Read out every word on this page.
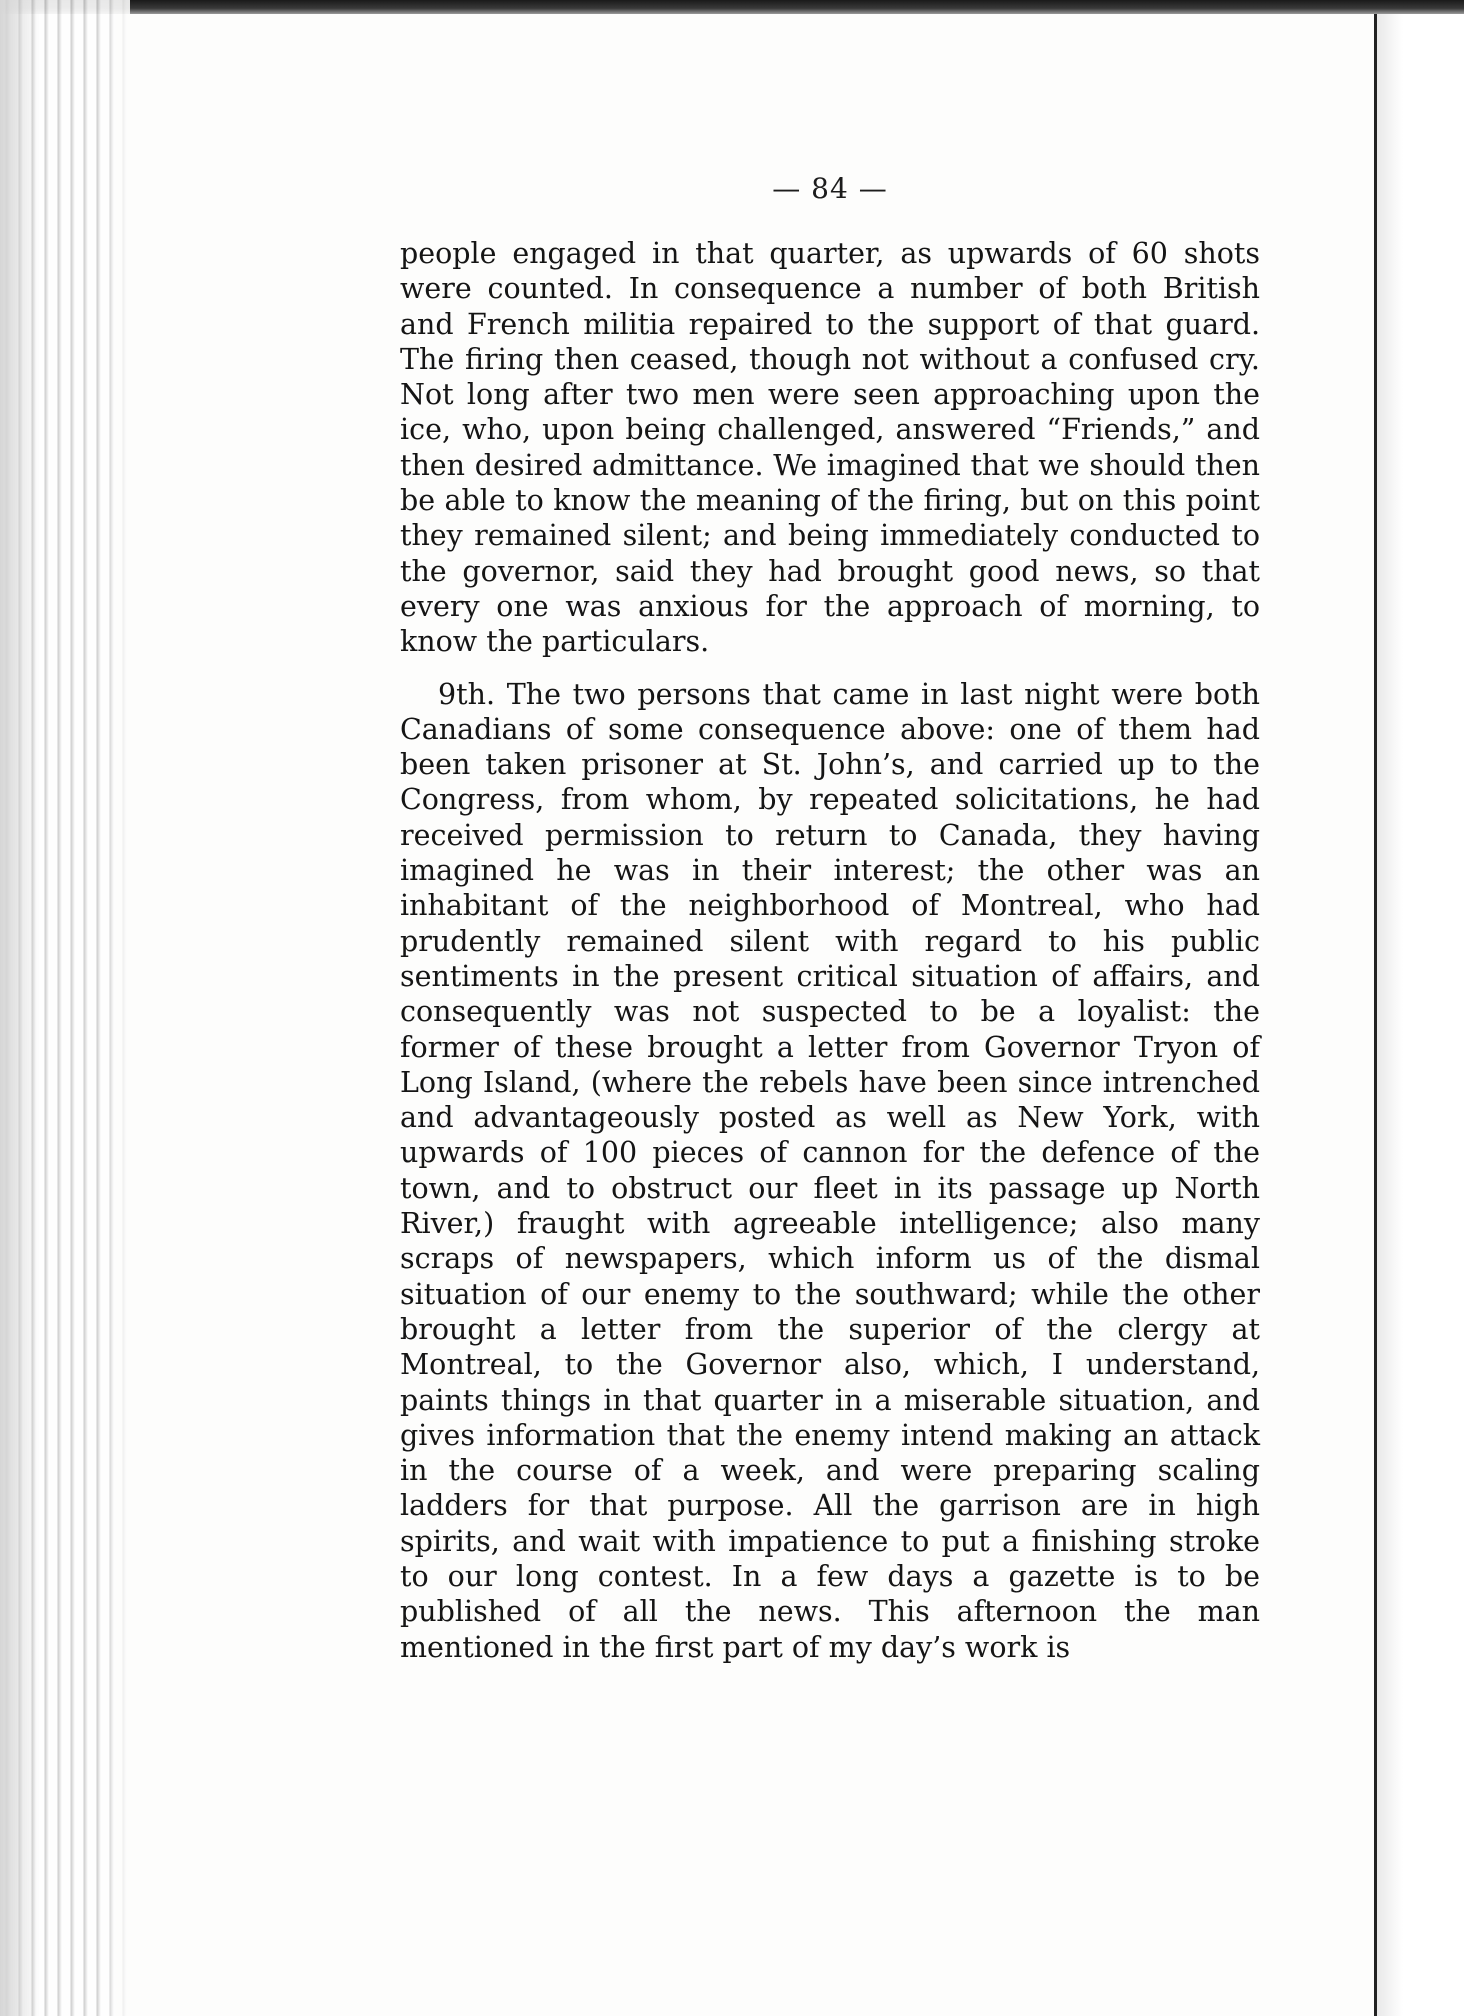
— 84 —

people engaged in that quarter, as upwards of 60 shots were counted. In consequence a number of both British and French militia repaired to the support of that guard. The firing then ceased, though not without a confused cry. Not long after two men were seen approaching upon the ice, who, upon being challenged, answered “Friends,” and then desired admittance. We imagined that we should then be able to know the meaning of the firing, but on this point they remained silent; and being immediately conducted to the governor, said they had brought good news, so that every one was anxious for the approach of morning, to know the particulars.

9th. The two persons that came in last night were both Canadians of some consequence above: one of them had been taken prisoner at St. John’s, and carried up to the Congress, from whom, by repeated solicitations, he had received permission to return to Canada, they having imagined he was in their interest; the other was an inhabitant of the neighborhood of Montreal, who had prudently remained silent with regard to his public sentiments in the present critical situation of affairs, and consequently was not suspected to be a loyalist: the former of these brought a letter from Governor Tryon of Long Island, (where the rebels have been since intrenched and advantageously posted as well as New York, with upwards of 100 pieces of cannon for the defence of the town, and to obstruct our fleet in its passage up North River,) fraught with agreeable intelligence; also many scraps of newspapers, which inform us of the dismal situation of our enemy to the southward; while the other brought a letter from the superior of the clergy at Montreal, to the Governor also, which, I understand, paints things in that quarter in a miserable situation, and gives information that the enemy intend making an attack in the course of a week, and were preparing scaling ladders for that purpose. All the garrison are in high spirits, and wait with impatience to put a finishing stroke to our long contest. In a few days a gazette is to be published of all the news. This afternoon the man mentioned in the first part of my day’s work is
